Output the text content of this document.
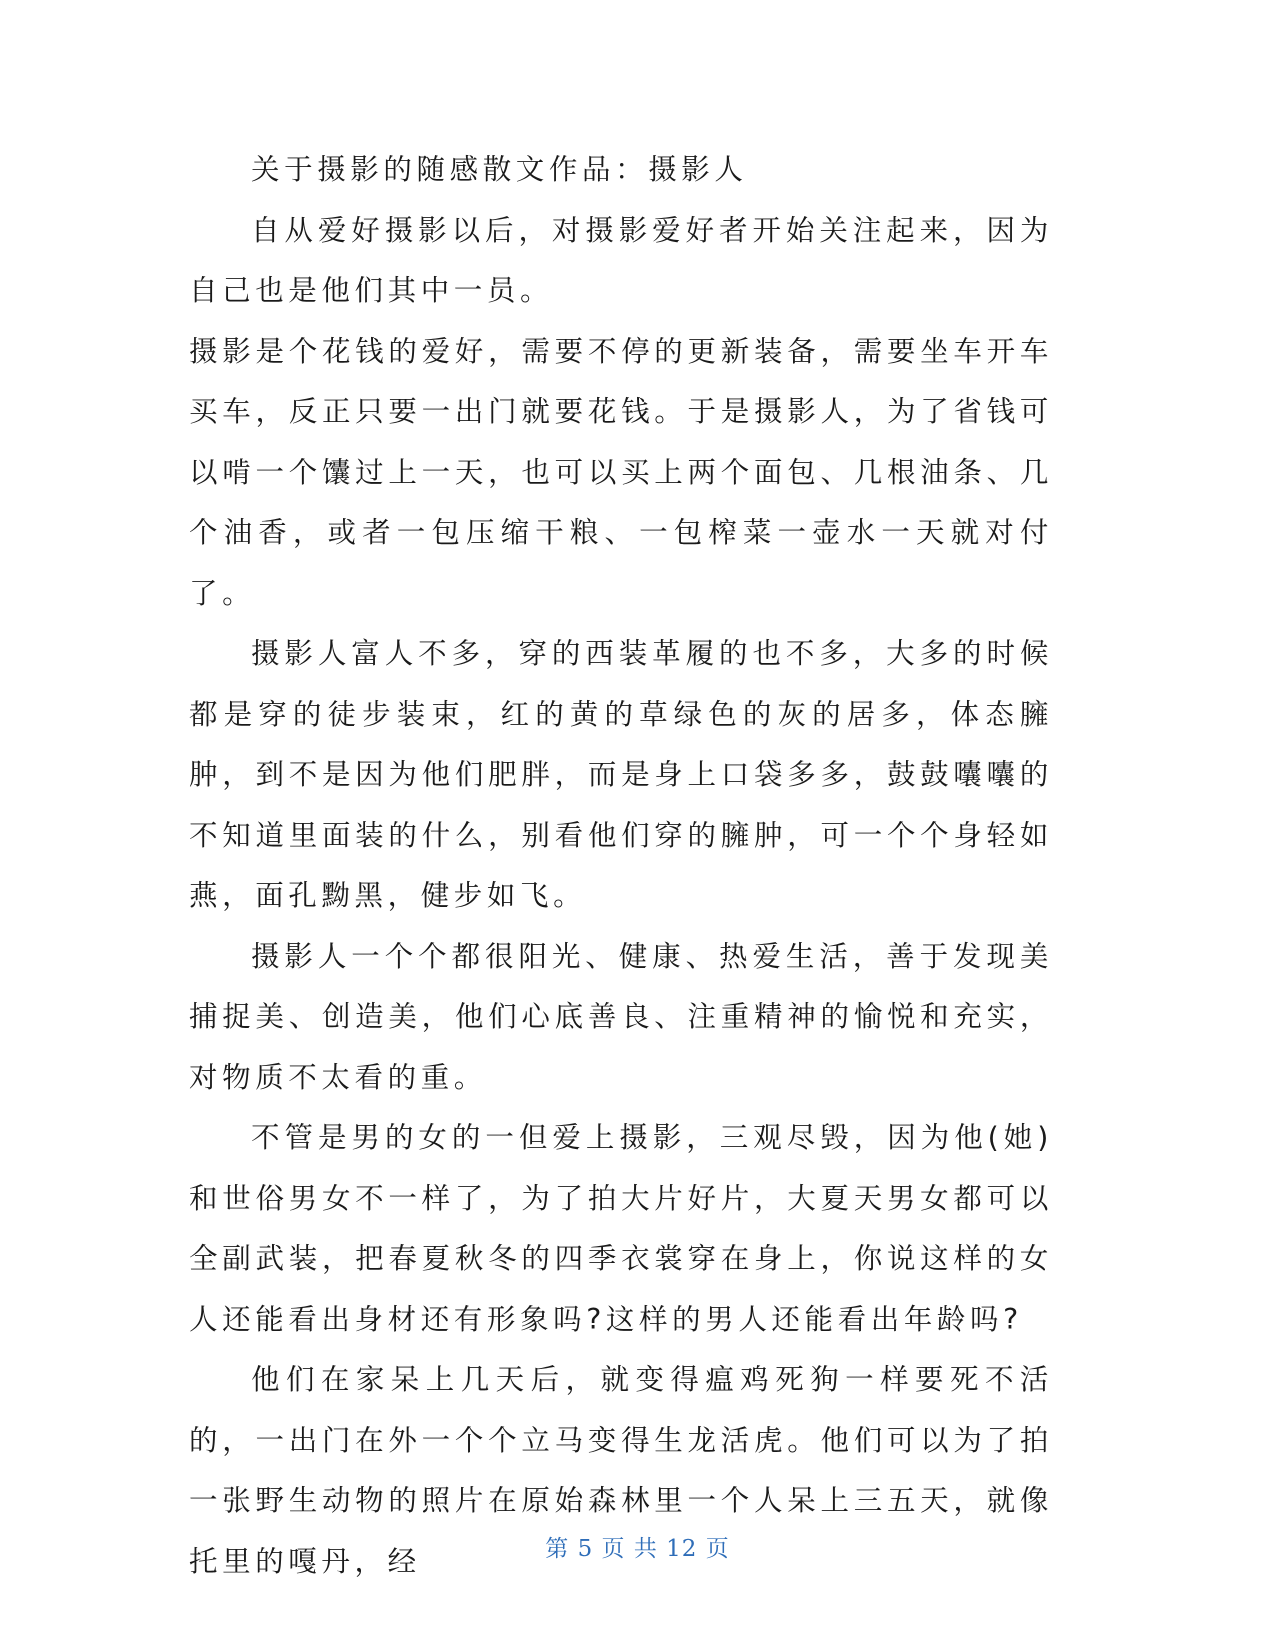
关于摄影的随感散文作品：摄影人

自从爱好摄影以后，对摄影爱好者开始关注起来，因为自己也是他们其中一员。

摄影是个花钱的爱好，需要不停的更新装备，需要坐车开车买车，反正只要一出门就要花钱。于是摄影人，为了省钱可以啃一个馕过上一天，也可以买上两个面包、几根油条、几个油香，或者一包压缩干粮、一包榨菜一壶水一天就对付了。

摄影人富人不多，穿的西装革履的也不多，大多的时候都是穿的徒步装束，红的黄的草绿色的灰的居多，体态臃肿，到不是因为他们肥胖，而是身上口袋多多，鼓鼓囔囔的不知道里面装的什么，别看他们穿的臃肿，可一个个身轻如燕，面孔黝黑，健步如飞。

摄影人一个个都很阳光、健康、热爱生活，善于发现美捕捉美、创造美，他们心底善良、注重精神的愉悦和充实，对物质不太看的重。

不管是男的女的一但爱上摄影，三观尽毁，因为他(她)和世俗男女不一样了，为了拍大片好片，大夏天男女都可以全副武装，把春夏秋冬的四季衣裳穿在身上，你说这样的女人还能看出身材还有形象吗?这样的男人还能看出年龄吗?

他们在家呆上几天后，就变得瘟鸡死狗一样要死不活的，一出门在外一个个立马变得生龙活虎。他们可以为了拍一张野生动物的照片在原始森林里一个人呆上三五天，就像托里的嘎丹，经	第 5 页 共 12 页
